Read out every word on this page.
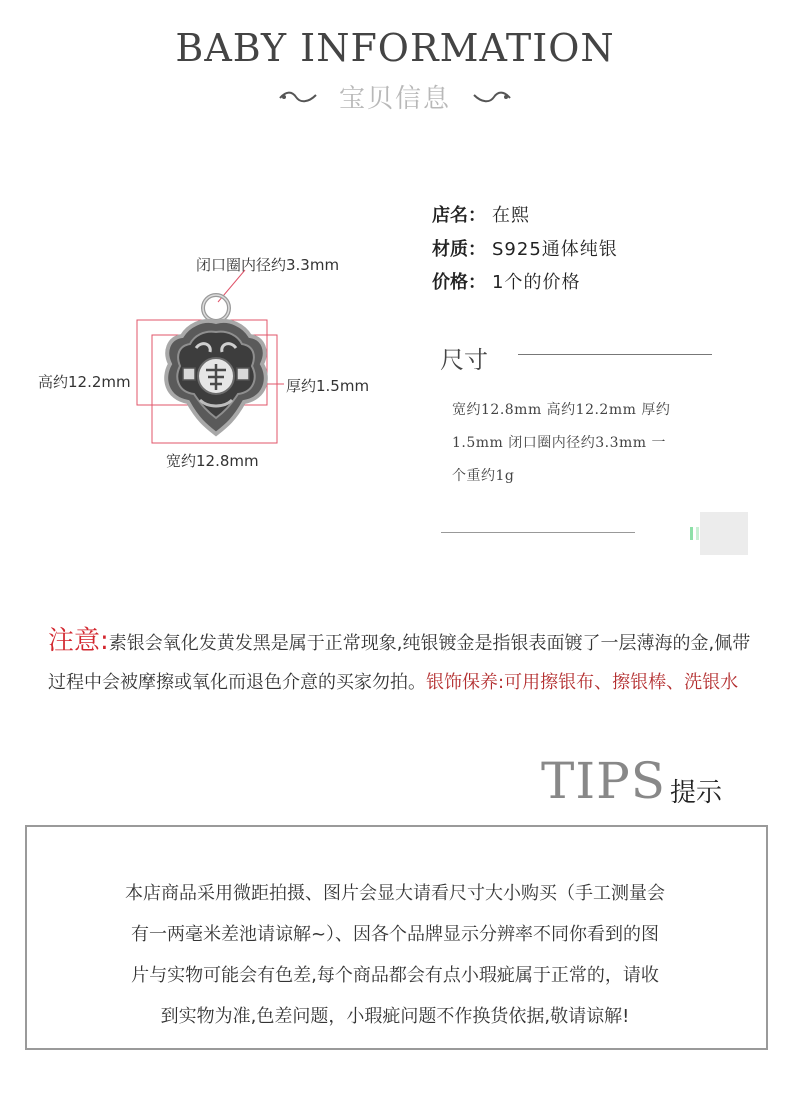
BABY INFORMATION
宝贝信息
闭口圈内径约3.3mm
高约12.2mm	厚约1.5mm
宽约12.8mm
店名： 在熙
材质： S925通体纯银
价格： 1个的价格
尺寸
宽约12.8mm 高约12.2mm 厚约
1.5mm 闭口圈内径约3.3mm 一
个重约1g
注意:素银会氧化发黄发黑是属于正常现象,纯银镀金是指银表面镀了一层薄海的金,佩带过程中会被摩擦或氧化而退色介意的买家勿拍。银饰保养:可用擦银布、擦银棒、洗银水
TIPS 提示
本店商品采用微距拍摄、图片会显大请看尺寸大小购买（手工测量会
有一两毫米差池请谅解~）、因各个品牌显示分辨率不同你看到的图
片与实物可能会有色差,每个商品都会有点小瑕疵属于正常的，请收
到实物为准,色差问题，小瑕疵问题不作换货依据,敬请谅解!
